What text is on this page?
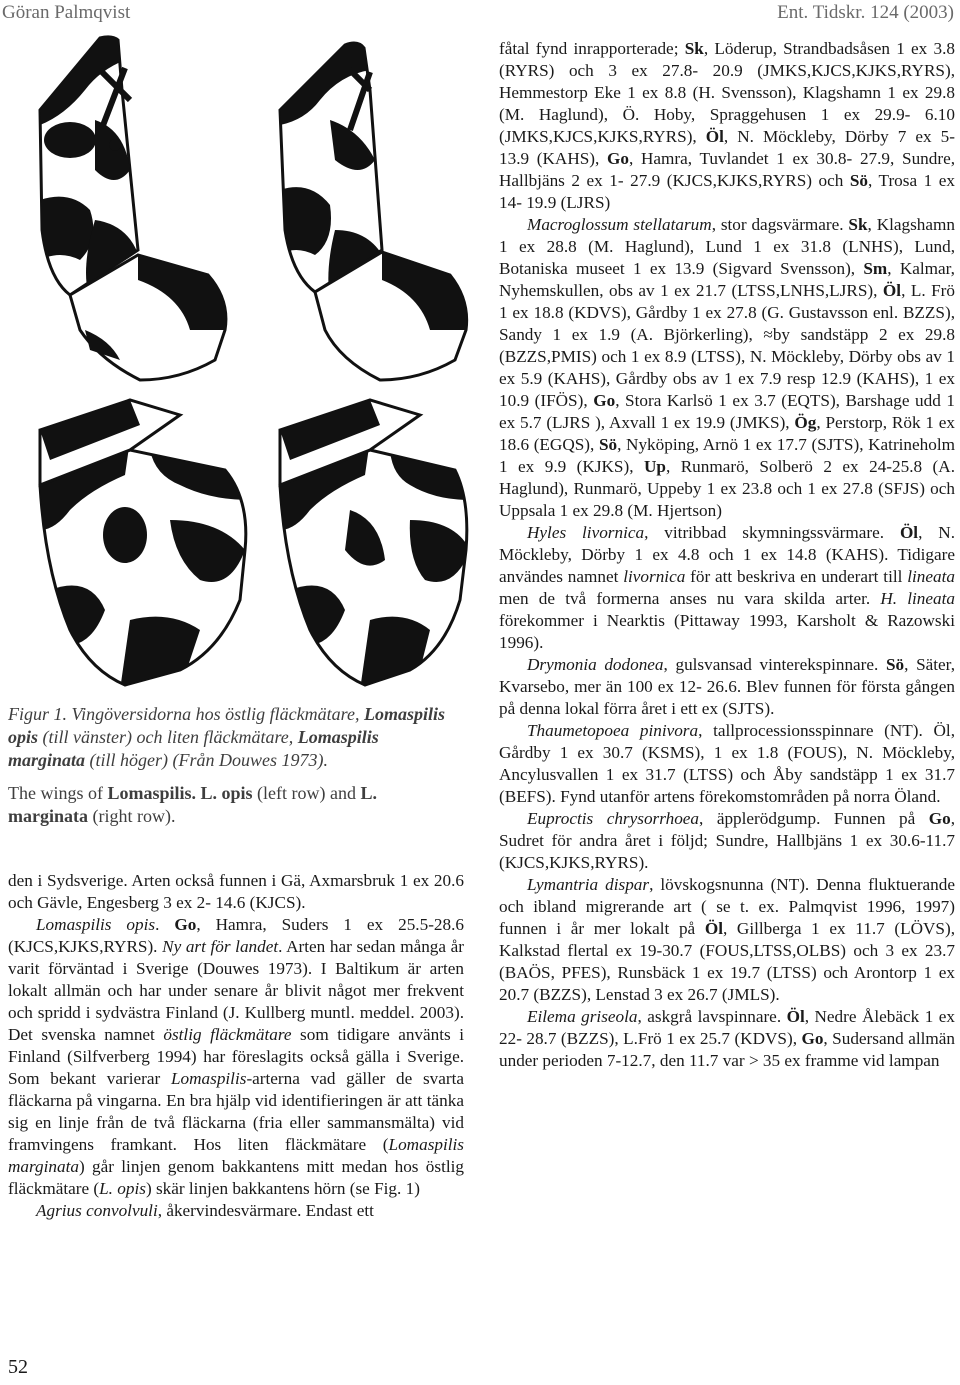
Göran Palmqvist	Ent. Tidskr. 124 (2003)

Figur 1. Vingöversidorna hos östlig fläckmätare, Lomaspilis opis (till vänster) och liten fläckmätare, Lomaspilis marginata (till höger) (Från Douwes 1973).

The wings of Lomaspilis. L. opis (left row) and L. marginata (right row).

den i Sydsverige. Arten också funnen i Gä, Axmarsbruk 1 ex 20.6 och Gävle, Engesberg 3 ex 2- 14.6 (KJCS).

Lomaspilis opis. Go, Hamra, Suders 1 ex 25.5-28.6 (KJCS,KJKS,RYRS). Ny art för landet. Arten har sedan många år varit förväntad i Sverige (Douwes 1973). I Baltikum är arten lokalt allmän och har under senare år blivit något mer frekvent och spridd i sydvästra Finland (J. Kullberg muntl. meddel. 2003). Det svenska namnet östlig fläckmätare som tidigare använts i Finland (Silfverberg 1994) har föreslagits också gälla i Sverige. Som bekant varierar Lomaspilis-arterna vad gäller de svarta fläckarna på vingarna. En bra hjälp vid identifieringen är att tänka sig en linje från de två fläckarna (fria eller sammansmälta) vid framvingens framkant. Hos liten fläckmätare (Lomaspilis marginata) går linjen genom bakkantens mitt medan hos östlig fläckmätare (L. opis) skär linjen bakkantens hörn (se Fig. 1)

Agrius convolvuli, åkervindesvärmare. Endast ett

fåtal fynd inrapporterade; Sk, Löderup, Strandbadsåsen 1 ex 3.8 (RYRS) och 3 ex 27.8- 20.9 (JMKS,KJCS,KJKS,RYRS), Hemmestorp Eke 1 ex 8.8 (H. Svensson), Klagshamn 1 ex 29.8 (M. Haglund), Ö. Hoby, Spraggehusen 1 ex 29.9- 6.10 (JMKS,KJCS,KJKS,RYRS), Öl, N. Möckleby, Dörby 7 ex 5- 13.9 (KAHS), Go, Hamra, Tuvlandet 1 ex 30.8- 27.9, Sundre, Hallbjäns 2 ex 1- 27.9 (KJCS,KJKS,RYRS) och Sö, Trosa 1 ex 14- 19.9 (LJRS)

Macroglossum stellatarum, stor dagsvärmare. Sk, Klagshamn 1 ex 28.8 (M. Haglund), Lund 1 ex 31.8 (LNHS), Lund, Botaniska museet 1 ex 13.9 (Sigvard Svensson), Sm, Kalmar, Nyhemskullen, obs av 1 ex 21.7 (LTSS,LNHS,LJRS), Öl, L. Frö 1 ex 18.8 (KDVS), Gårdby 1 ex 27.8 (G. Gustavsson enl. BZZS), Sandy 1 ex 1.9 (A. Björkerling), ≈by sandstäpp 2 ex 29.8 (BZZS,PMIS) och 1 ex 8.9 (LTSS), N. Möckleby, Dörby obs av 1 ex 5.9 (KAHS), Gårdby obs av 1 ex 7.9 resp 12.9 (KAHS), 1 ex 10.9 (IFÖS), Go, Stora Karlsö 1 ex 3.7 (EQTS), Barshage udd 1 ex 5.7 (LJRS ), Axvall 1 ex 19.9 (JMKS), Ög, Perstorp, Rök 1 ex 18.6 (EGQS), Sö, Nyköping, Arnö 1 ex 17.7 (SJTS), Katrineholm 1 ex 9.9 (KJKS), Up, Runmarö, Solberö 2 ex 24-25.8 (A. Haglund), Runmarö, Uppeby 1 ex 23.8 och 1 ex 27.8 (SFJS) och Uppsala 1 ex 29.8 (M. Hjertson)

Hyles livornica, vitribbad skymningssvärmare. Öl, N. Möckleby, Dörby 1 ex 4.8 och 1 ex 14.8 (KAHS). Tidigare användes namnet livornica för att beskriva en underart till lineata men de två formerna anses nu vara skilda arter. H. lineata förekommer i Nearktis (Pittaway 1993, Karsholt & Razowski 1996).

Drymonia dodonea, gulsvansad vinterekspinnare. Sö, Säter, Kvarsebo, mer än 100 ex 12- 26.6. Blev funnen för första gången på denna lokal förra året i ett ex (SJTS).

Thaumetopoea pinivora, tallprocessionsspinnare (NT). Öl, Gårdby 1 ex 30.7 (KSMS), 1 ex 1.8 (FOUS), N. Möckleby, Ancylusvallen 1 ex 31.7 (LTSS) och Åby sandstäpp 1 ex 31.7 (BEFS). Fynd utanför artens förekomstområden på norra Öland.

Euproctis chrysorrhoea, äpplerödgump. Funnen på Go, Sudret för andra året i följd; Sundre, Hallbjäns 1 ex 30.6-11.7 (KJCS,KJKS,RYRS).

Lymantria dispar, lövskogsnunna (NT). Denna fluktuerande och ibland migrerande art ( se t. ex. Palmqvist 1996, 1997) funnen i år mer lokalt på Öl, Gillberga 1 ex 11.7 (LÖVS), Kalkstad flertal ex 19-30.7 (FOUS,LTSS,OLBS) och 3 ex 23.7 (BAÖS, PFES), Runsbäck 1 ex 19.7 (LTSS) och Arontorp 1 ex 20.7 (BZZS), Lenstad 3 ex 26.7 (JMLS).

Eilema griseola, askgrå lavspinnare. Öl, Nedre Ålebäck 1 ex 22- 28.7 (BZZS), L.Frö 1 ex 25.7 (KDVS), Go, Sudersand allmän under perioden 7-12.7, den 11.7 var > 35 ex framme vid lampan

52
